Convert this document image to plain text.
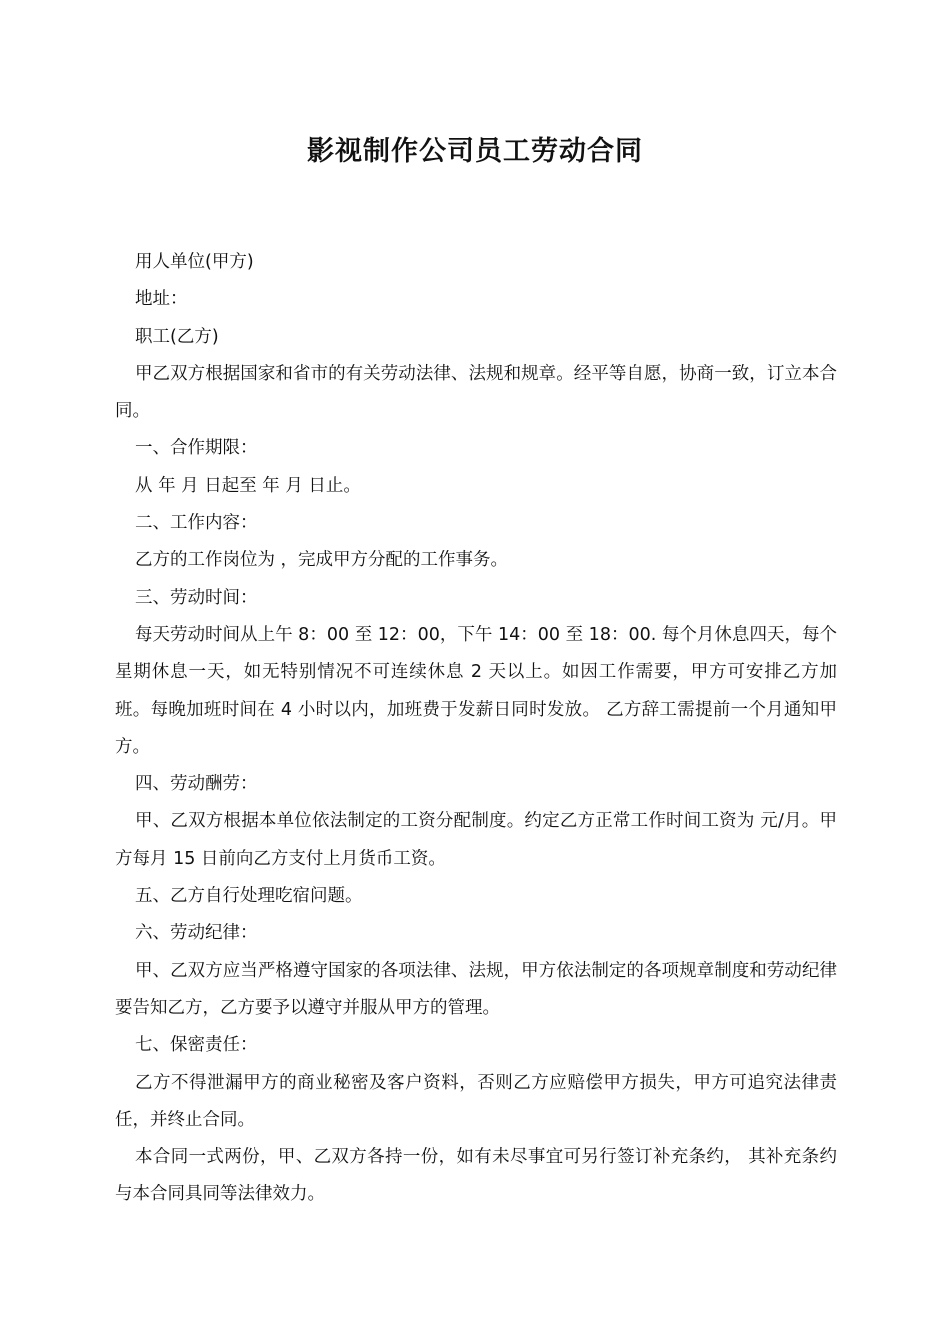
影视制作公司员工劳动合同

用人单位(甲方)

地址：

职工(乙方)

甲乙双方根据国家和省市的有关劳动法律、法规和规章。经平等自愿，协商一致，订立本合同。

一、合作期限：

从 年 月 日起至 年 月 日止。

二、工作内容：

乙方的工作岗位为 ，完成甲方分配的工作事务。

三、劳动时间：

每天劳动时间从上午 8：00 至 12：00，下午 14：00 至 18：00. 每个月休息四天，每个星期休息一天，如无特别情况不可连续休息 2 天以上。如因工作需要，甲方可安排乙方加班。每晚加班时间在 4 小时以内，加班费于发薪日同时发放。 乙方辞工需提前一个月通知甲方。

四、劳动酬劳：

甲、乙双方根据本单位依法制定的工资分配制度。约定乙方正常工作时间工资为 元/月。甲方每月 15 日前向乙方支付上月货币工资。

五、乙方自行处理吃宿问题。

六、劳动纪律：

甲、乙双方应当严格遵守国家的各项法律、法规，甲方依法制定的各项规章制度和劳动纪律要告知乙方，乙方要予以遵守并服从甲方的管理。

七、保密责任：

乙方不得泄漏甲方的商业秘密及客户资料，否则乙方应赔偿甲方损失，甲方可追究法律责任，并终止合同。

本合同一式两份，甲、乙双方各持一份，如有未尽事宜可另行签订补充条约， 其补充条约与本合同具同等法律效力。
